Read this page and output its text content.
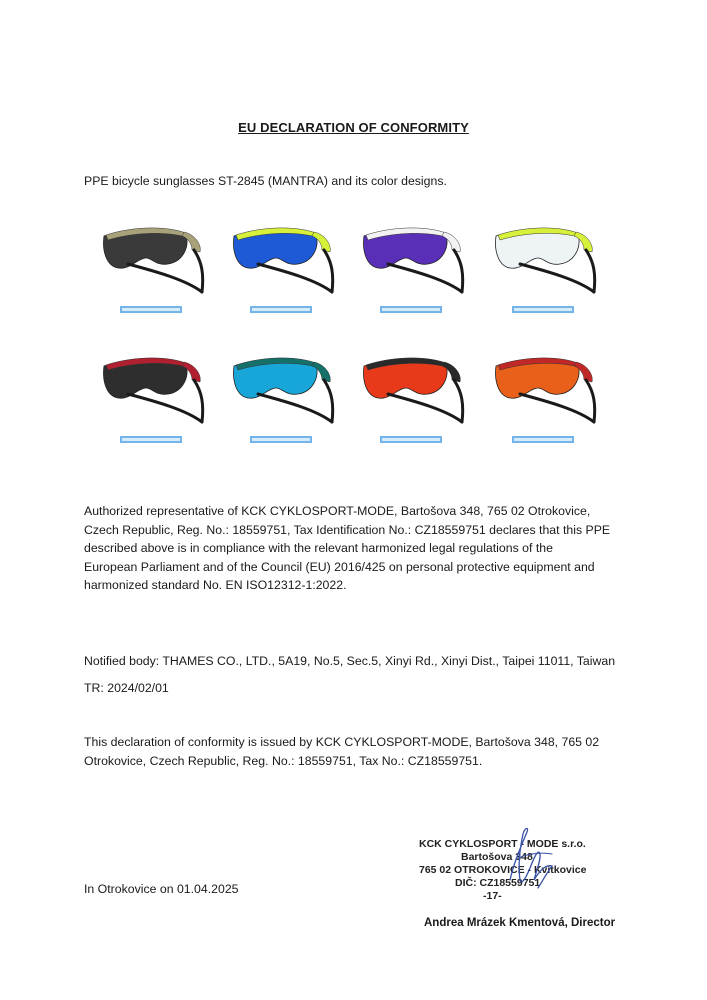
EU DECLARATION OF CONFORMITY
PPE bicycle sunglasses ST-2845 (MANTRA) and its color designs.
Authorized representative of KCK CYKLOSPORT-MODE, Bartošova 348, 765 02 Otrokovice,
Czech Republic, Reg. No.: 18559751, Tax Identification No.: CZ18559751 declares that this PPE
described above is in compliance with the relevant harmonized legal regulations of the
European Parliament and of the Council (EU) 2016/425 on personal protective equipment and
harmonized standard No. EN ISO12312-1:2022.
Notified body: THAMES CO., LTD., 5A19, No.5, Sec.5, Xinyi Rd., Xinyi Dist., Taipei 11011, Taiwan
TR: 2024/02/01
This declaration of conformity is issued by KCK CYKLOSPORT-MODE, Bartošova 348, 765 02
Otrokovice, Czech Republic, Reg. No.: 18559751, Tax No.: CZ18559751.
In Otrokovice on 01.04.2025
KCK CYKLOSPORT - MODE s.r.o.
Bartošova 348
765 02 OTROKOVICE - Kvítkovice
DIČ: CZ18559751
-17-
Andrea Mrázek Kmentová, Director
